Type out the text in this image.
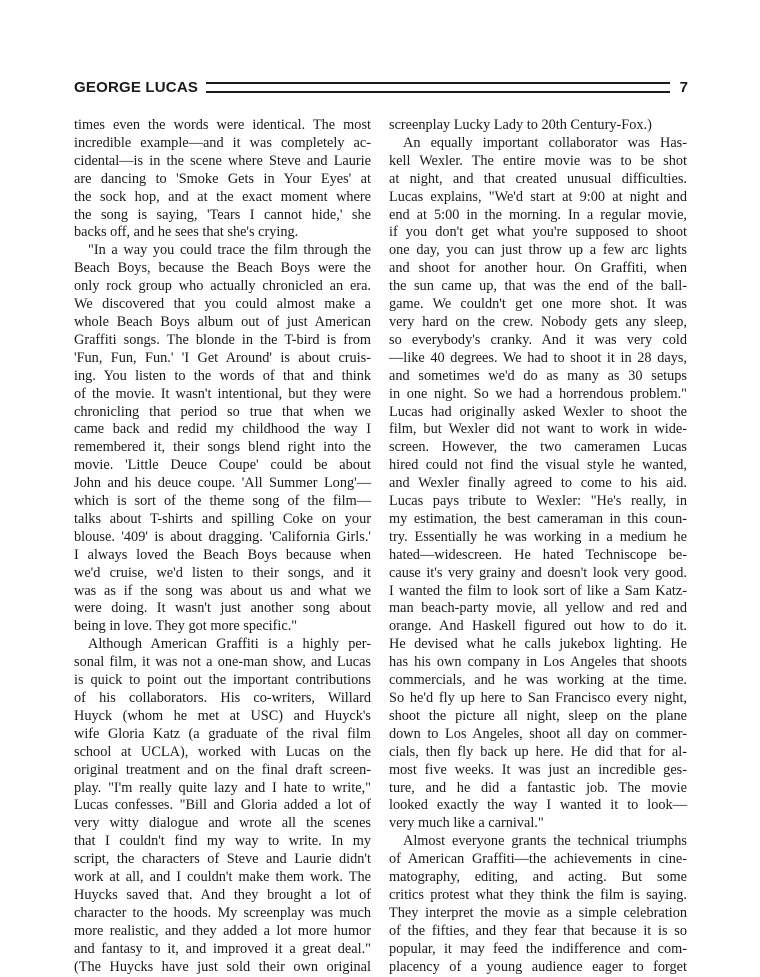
GEORGE LUCAS	7
times even the words were identical. The most
incredible example—and it was completely ac-
cidental—is in the scene where Steve and Laurie
are dancing to 'Smoke Gets in Your Eyes' at
the sock hop, and at the exact moment where
the song is saying, 'Tears I cannot hide,' she
backs off, and he sees that she's crying.
"In a way you could trace the film through the
Beach Boys, because the Beach Boys were the
only rock group who actually chronicled an era.
We discovered that you could almost make a
whole Beach Boys album out of just American
Graffiti songs. The blonde in the T-bird is from
'Fun, Fun, Fun.' 'I Get Around' is about cruis-
ing. You listen to the words of that and think
of the movie. It wasn't intentional, but they were
chronicling that period so true that when we
came back and redid my childhood the way I
remembered it, their songs blend right into the
movie. 'Little Deuce Coupe' could be about
John and his deuce coupe. 'All Summer Long'—
which is sort of the theme song of the film—
talks about T-shirts and spilling Coke on your
blouse. '409' is about dragging. 'California Girls.'
I always loved the Beach Boys because when
we'd cruise, we'd listen to their songs, and it
was as if the song was about us and what we
were doing. It wasn't just another song about
being in love. They got more specific."
Although American Graffiti is a highly per-
sonal film, it was not a one-man show, and Lucas
is quick to point out the important contributions
of his collaborators. His co-writers, Willard
Huyck (whom he met at USC) and Huyck's
wife Gloria Katz (a graduate of the rival film
school at UCLA), worked with Lucas on the
original treatment and on the final draft screen-
play. "I'm really quite lazy and I hate to write,"
Lucas confesses. "Bill and Gloria added a lot of
very witty dialogue and wrote all the scenes
that I couldn't find my way to write. In my
script, the characters of Steve and Laurie didn't
work at all, and I couldn't make them work. The
Huycks saved that. And they brought a lot of
character to the hoods. My screenplay was much
more realistic, and they added a lot more humor
and fantasy to it, and improved it a great deal."
(The Huycks have just sold their own original
screenplay Lucky Lady to 20th Century-Fox.)
An equally important collaborator was Has-
kell Wexler. The entire movie was to be shot
at night, and that created unusual difficulties.
Lucas explains, "We'd start at 9:00 at night and
end at 5:00 in the morning. In a regular movie,
if you don't get what you're supposed to shoot
one day, you can just throw up a few arc lights
and shoot for another hour. On Graffiti, when
the sun came up, that was the end of the ball-
game. We couldn't get one more shot. It was
very hard on the crew. Nobody gets any sleep,
so everybody's cranky. And it was very cold
—like 40 degrees. We had to shoot it in 28 days,
and sometimes we'd do as many as 30 setups
in one night. So we had a horrendous problem."
Lucas had originally asked Wexler to shoot the
film, but Wexler did not want to work in wide-
screen. However, the two cameramen Lucas
hired could not find the visual style he wanted,
and Wexler finally agreed to come to his aid.
Lucas pays tribute to Wexler: "He's really, in
my estimation, the best cameraman in this coun-
try. Essentially he was working in a medium he
hated—widescreen. He hated Techniscope be-
cause it's very grainy and doesn't look very good.
I wanted the film to look sort of like a Sam Katz-
man beach-party movie, all yellow and red and
orange. And Haskell figured out how to do it.
He devised what he calls jukebox lighting. He
has his own company in Los Angeles that shoots
commercials, and he was working at the time.
So he'd fly up here to San Francisco every night,
shoot the picture all night, sleep on the plane
down to Los Angeles, shoot all day on commer-
cials, then fly back up here. He did that for al-
most five weeks. It was just an incredible ges-
ture, and he did a fantastic job. The movie
looked exactly the way I wanted it to look—
very much like a carnival."
Almost everyone grants the technical triumphs
of American Graffiti—the achievements in cine-
matography, editing, and acting. But some
critics protest what they think the film is saying.
They interpret the movie as a simple celebration
of the fifties, and they fear that because it is so
popular, it may feed the indifference and com-
placency of a young audience eager to forget
